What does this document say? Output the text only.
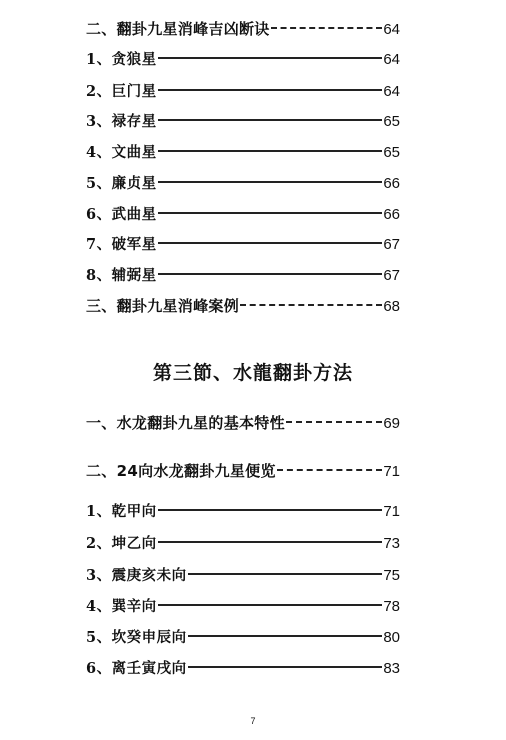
二、翻卦九星消峰吉凶断诀	64
1、贪狼星	64
2、巨门星	64
3、禄存星	65
4、文曲星	65
5、廉贞星	66
6、武曲星	66
7、破军星	67
8、辅弼星	67
三、翻卦九星消峰案例	68
第三節、水龍翻卦方法
一、水龙翻卦九星的基本特性	69
二、24向水龙翻卦九星便览	71
1、乾甲向	71
2、坤乙向	73
3、震庚亥未向	75
4、巽辛向	78
5、坎癸申辰向	80
6、离壬寅戌向	83
7
